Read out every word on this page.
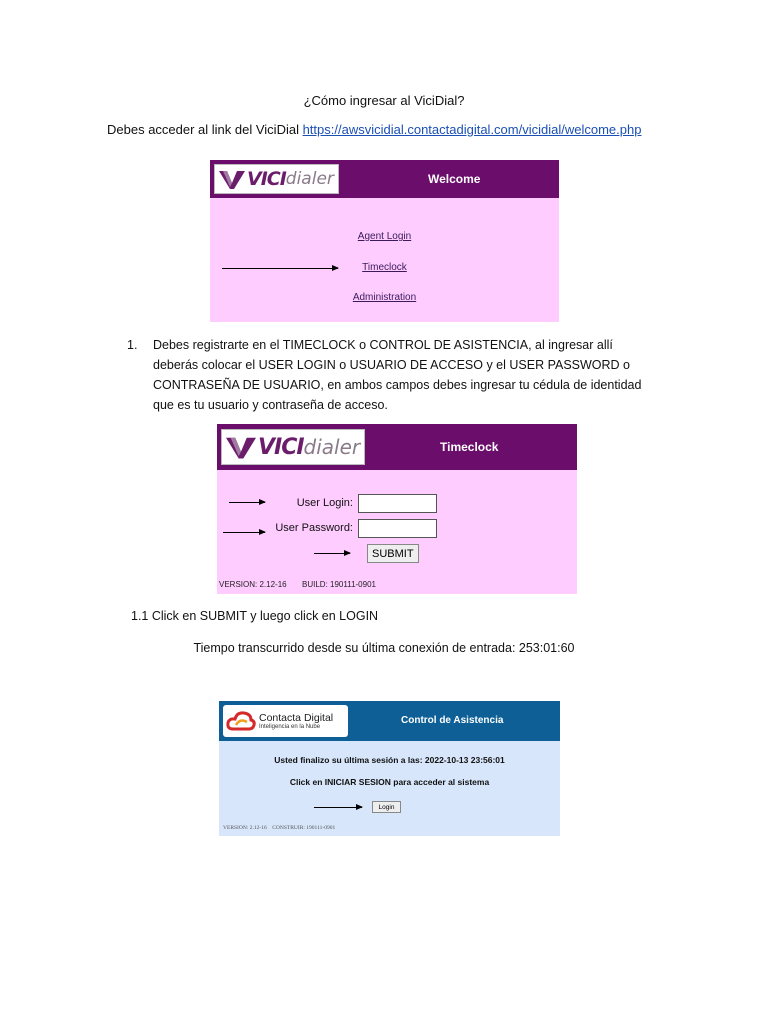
¿Cómo ingresar al ViciDial?
Debes acceder al link del ViciDial https://awsvicidial.contactadigital.com/vicidial/welcome.php
VICI dialer	Welcome
Agent Login
Timeclock
Administration
1.	Debes registrarte en el TIMECLOCK o CONTROL DE ASISTENCIA, al ingresar allí deberás colocar el USER LOGIN o USUARIO DE ACCESO y el USER PASSWORD o CONTRASEÑA DE USUARIO, en ambos campos debes ingresar tu cédula de identidad que es tu usuario y contraseña de acceso.
VICI dialer	Timeclock
User Login:
User Password:
SUBMIT
VERSION: 2.12-16 BUILD: 190111-0901
1.1 Click en SUBMIT y luego click en LOGIN
Tiempo transcurrido desde su última conexión de entrada: 253:01:60
Contacta Digital
Inteligencia en la Nube
Control de Asistencia
Usted finalizo su última sesión a las: 2022-10-13 23:56:01
Click en INICIAR SESION para acceder al sistema
Login
VERSION: 2.12-16 CONSTRUIR: 190111-0901
